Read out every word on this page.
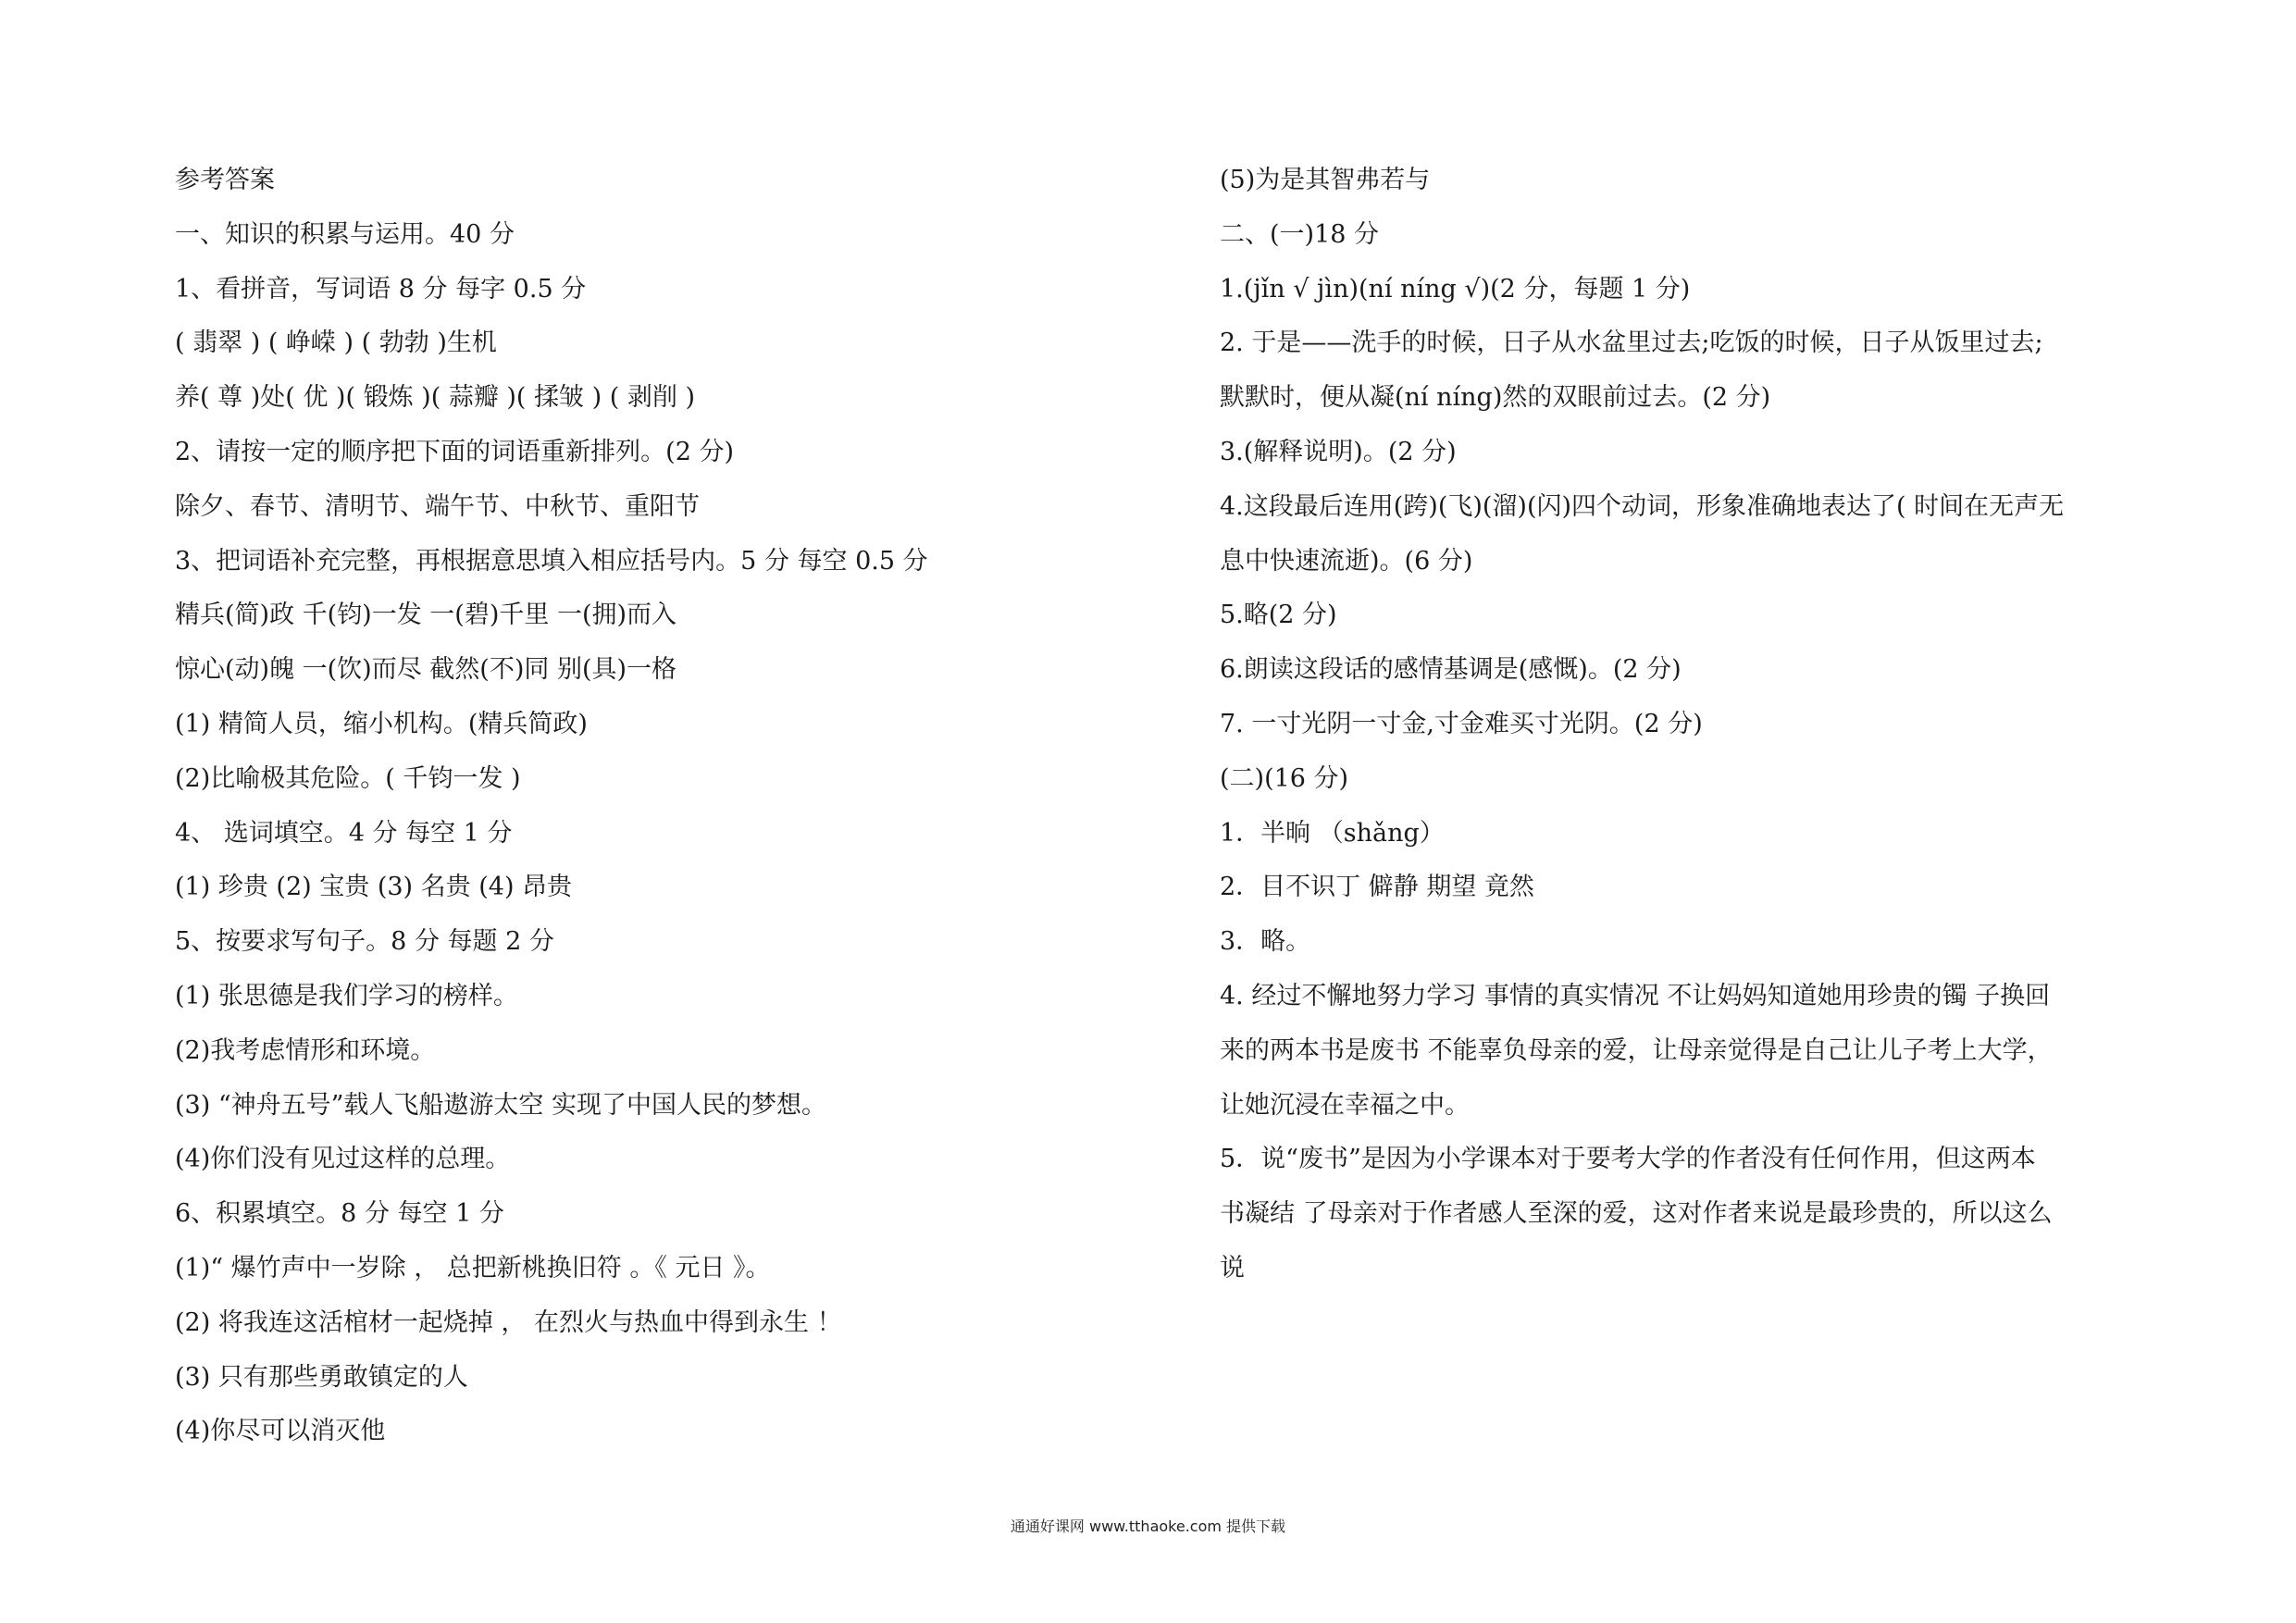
参考答案
一、知识的积累与运用。40 分
1、看拼音，写词语 8 分 每字 0.5 分
( 翡翠 ) ( 峥嵘 ) ( 勃勃 )生机
养( 尊 )处( 优 )( 锻炼 )( 蒜瓣 )( 揉皱 ) ( 剥削 )
2、请按一定的顺序把下面的词语重新排列。(2 分)
除夕、春节、清明节、端午节、中秋节、重阳节
3、把词语补充完整，再根据意思填入相应括号内。5 分 每空 0.5 分
精兵(简)政 千(钧)一发 一(碧)千里 一(拥)而入
惊心(动)魄 一(饮)而尽 截然(不)同 别(具)一格
(1) 精简人员，缩小机构。(精兵简政)
(2)比喻极其危险。( 千钧一发 )
4、 选词填空。4 分 每空 1 分
(1) 珍贵 (2) 宝贵 (3) 名贵 (4) 昂贵
5、按要求写句子。8 分 每题 2 分
(1) 张思德是我们学习的榜样。
(2)我考虑情形和环境。
(3) “神舟五号”载人飞船遨游太空 实现了中国人民的梦想。
(4)你们没有见过这样的总理。
6、积累填空。8 分 每空 1 分
(1)“ 爆竹声中一岁除 ， 总把新桃换旧符 。《 元日 》。
(2) 将我连这活棺材一起烧掉 ， 在烈火与热血中得到永生 ！
(3) 只有那些勇敢镇定的人
(4)你尽可以消灭他
(5)为是其智弗若与
二、(一)18 分
1.(jǐn √ jìn)(ní níng √)(2 分，每题 1 分)
2. 于是——洗手的时候，日子从水盆里过去;吃饭的时候，日子从饭里过去;
默默时，便从凝(ní níng)然的双眼前过去。(2 分)
3.(解释说明)。(2 分)
4.这段最后连用(跨)(飞)(溜)(闪)四个动词，形象准确地表达了( 时间在无声无
息中快速流逝)。(6 分)
5.略(2 分)
6.朗读这段话的感情基调是(感慨)。(2 分)
7. 一寸光阴一寸金,寸金难买寸光阴。(2 分)
(二)(16 分)
1．半晌 （shǎng）
2．目不识丁 僻静 期望 竟然
3．略。
4. 经过不懈地努力学习 事情的真实情况 不让妈妈知道她用珍贵的镯 子换回
来的两本书是废书 不能辜负母亲的爱，让母亲觉得是自己让儿子考上大学，
让她沉浸在幸福之中。
5．说“废书”是因为小学课本对于要考大学的作者没有任何作用，但这两本
书凝结 了母亲对于作者感人至深的爱，这对作者来说是最珍贵的，所以这么
说
通通好课网 www.tthaoke.com 提供下载
